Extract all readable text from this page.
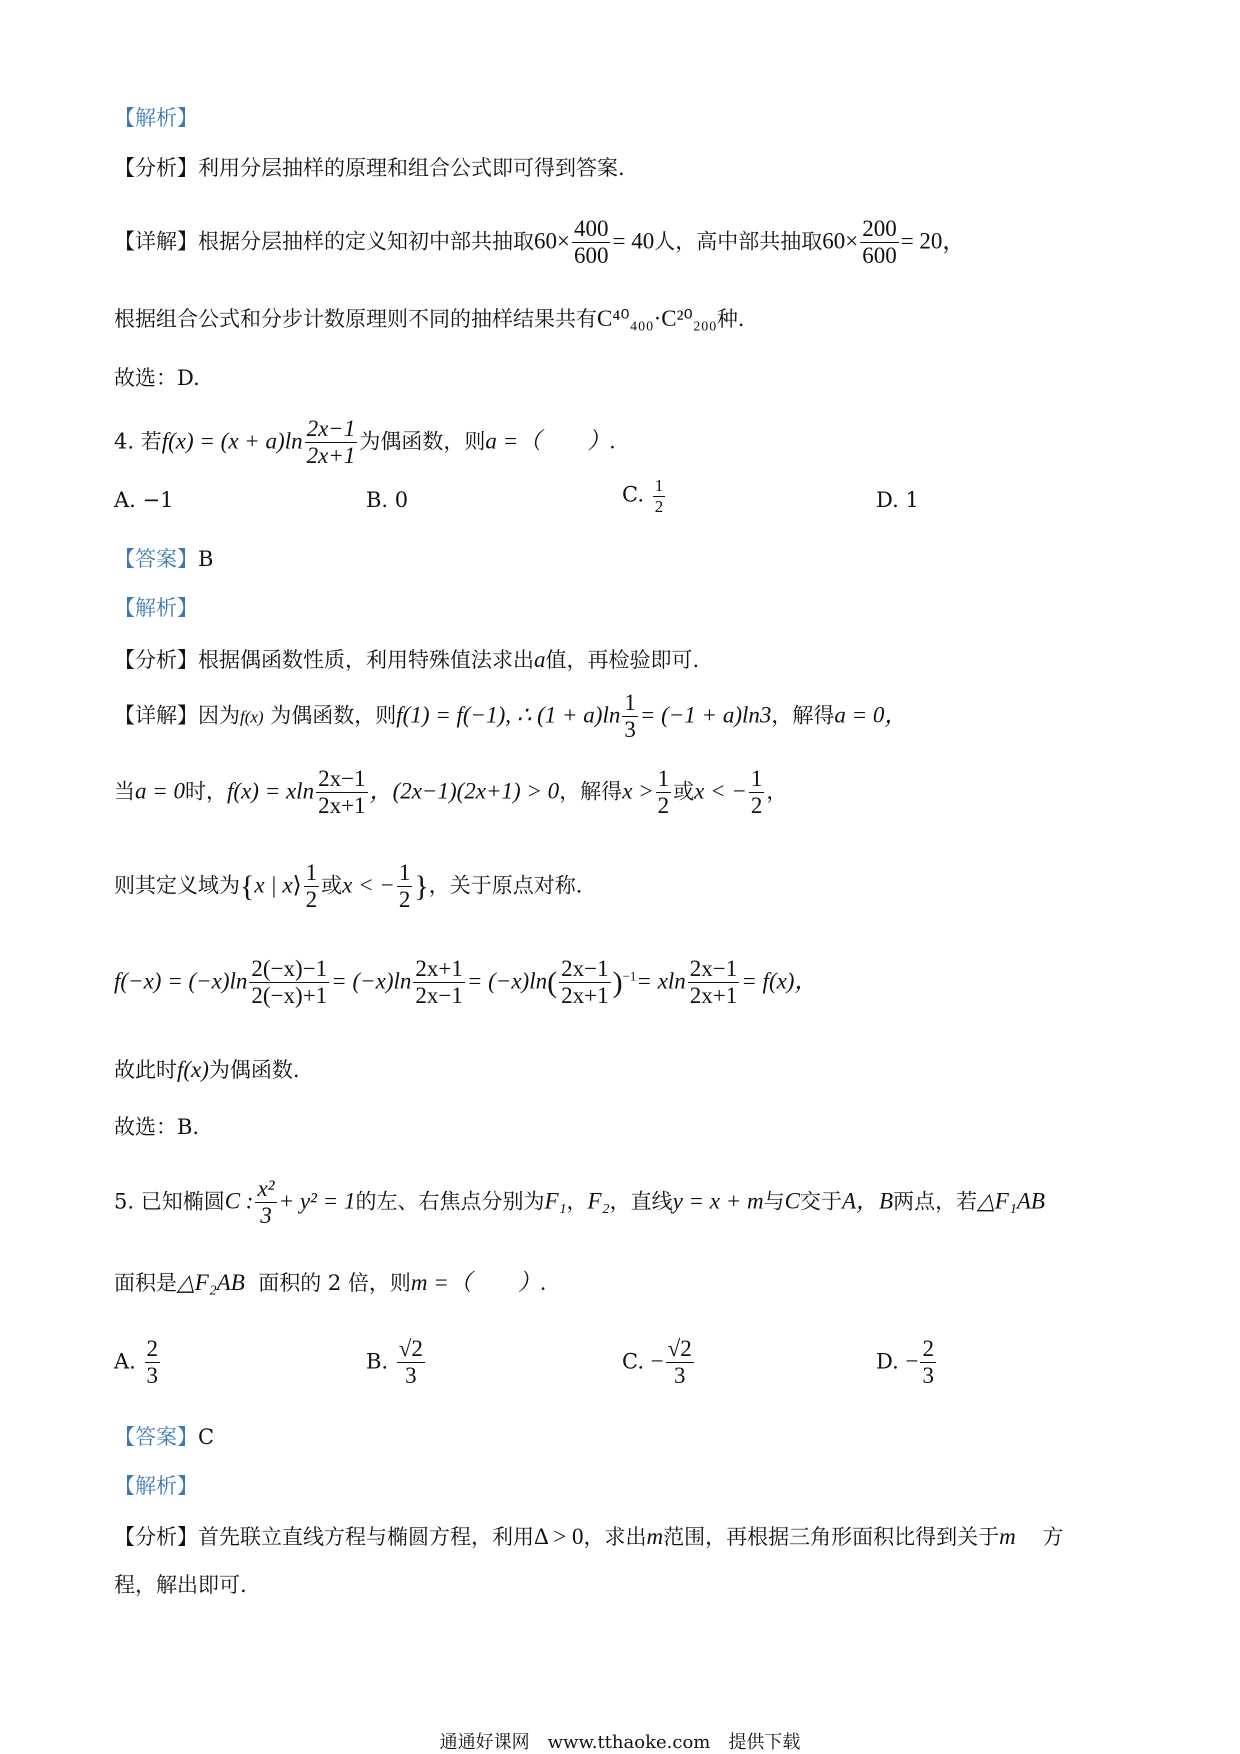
【解析】
【分析】利用分层抽样的原理和组合公式即可得到答案.
【详解】根据分层抽样的定义知初中部共抽取$60\times \frac{400}{600} = 40$人，高中部共抽取$60\times \frac{200}{600} = 20$，
根据组合公式和分步计数原理则不同的抽样结果共有C⁴⁰₄₀₀·C²⁰₂₀₀种.
故选：D.
4. 若$f(x) = (x + a)\ln \frac{2x-1}{2x+1}$ 为偶函数，则a =（　　）.
A. −1	B. 0	C. $\frac{1}{2}$	D. 1
【答案】B
【解析】
【分析】根据偶函数性质，利用特殊值法求出a值，再检验即可.
【详解】因为f(x) 为偶函数，则f(1) = f(−1), ∴ $(1 + a)\ln \frac{1}{3} = (-1 + a)\ln 3$，解得a = 0，
当a = 0时，f(x) = xln $\frac{2x-1}{2x+1}$ ，(2x−1)(2x+1) > 0，解得$x > \frac{1}{2}$ 或x < − $\frac{1}{2}$ ，
则其定义域为{x | x⟩ $\frac{1}{2}$ 或x < − $\frac{1}{2}$ }，关于原点对称.
$f(-x) = (-x)\ln \frac{2(-x)-1}{2(-x)+1} = (-x)\ln \frac{2x+1}{2x-1} = (-x)\ln( \frac{2x-1}{2x+1} )^{-1}= xln \frac{2x-1}{2x+1} = f(x)$，
故此时f(x)为偶函数.
故选：B.
5. 已知椭圆C : $\frac{\text{x²}}{3} + y^2 = 1$的左、右焦点分别为F₁，F₂，直线y = x + m与C交于A，B两点，若△F₁AB
面积是△F₂AB 面积的 2 倍，则m =（　　）.
A. $\frac{2}{3}$	B. $\frac{√2}{3}$	C. − $\frac{√2}{3}$	D. − $\frac{2}{3}$
【答案】C
【解析】
【分析】首先联立直线方程与椭圆方程，利用Δ > 0，求出m范围，再根据三角形面积比得到关于m 方
程，解出即可.
通通好课网　www.tthaoke.com　提供下载
